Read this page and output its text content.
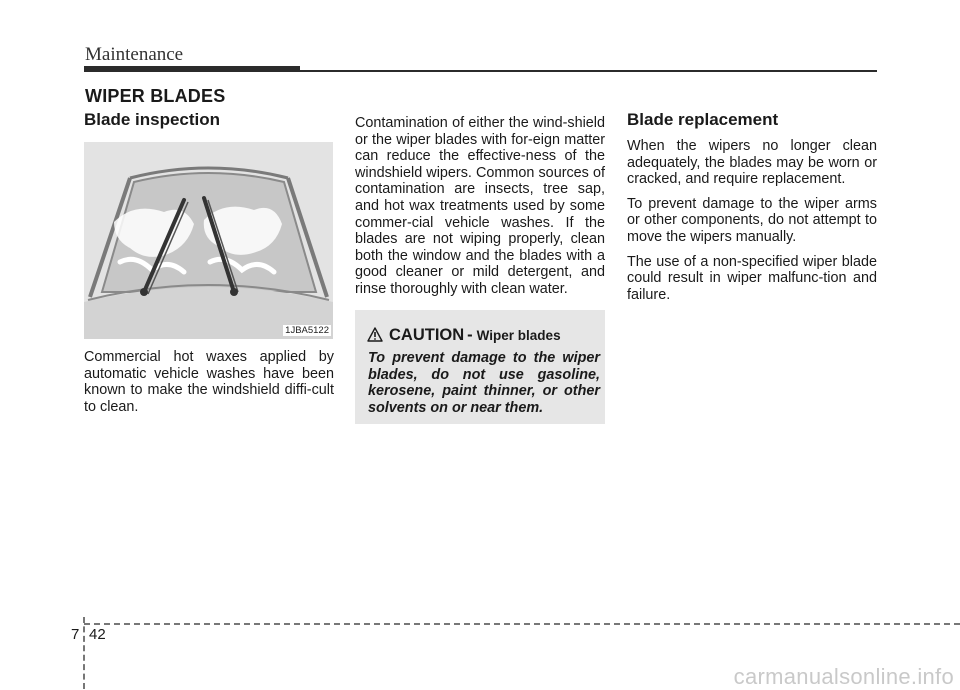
Maintenance
WIPER BLADES
Blade inspection
1JBA5122

Commercial hot waxes applied by automatic vehicle washes have been known to make the windshield diffi-cult to clean.

Contamination of either the wind-shield or the wiper blades with for-eign matter can reduce the effective-ness of the windshield wipers. Common sources of contamination are insects, tree sap, and hot wax treatments used by some commer-cial vehicle washes. If the blades are not wiping properly, clean both the window and the blades with a good cleaner or mild detergent, and rinse thoroughly with clean water.

CAUTION - Wiper blades

To prevent damage to the wiper blades, do not use gasoline, kerosene, paint thinner, or other solvents on or near them.

Blade replacement

When the wipers no longer clean adequately, the blades may be worn or cracked, and require replacement.

To prevent damage to the wiper arms or other components, do not attempt to move the wipers manually.

The use of a non-specified wiper blade could result in wiper malfunc-tion and failure.

7 42
carmanualsonline.info
